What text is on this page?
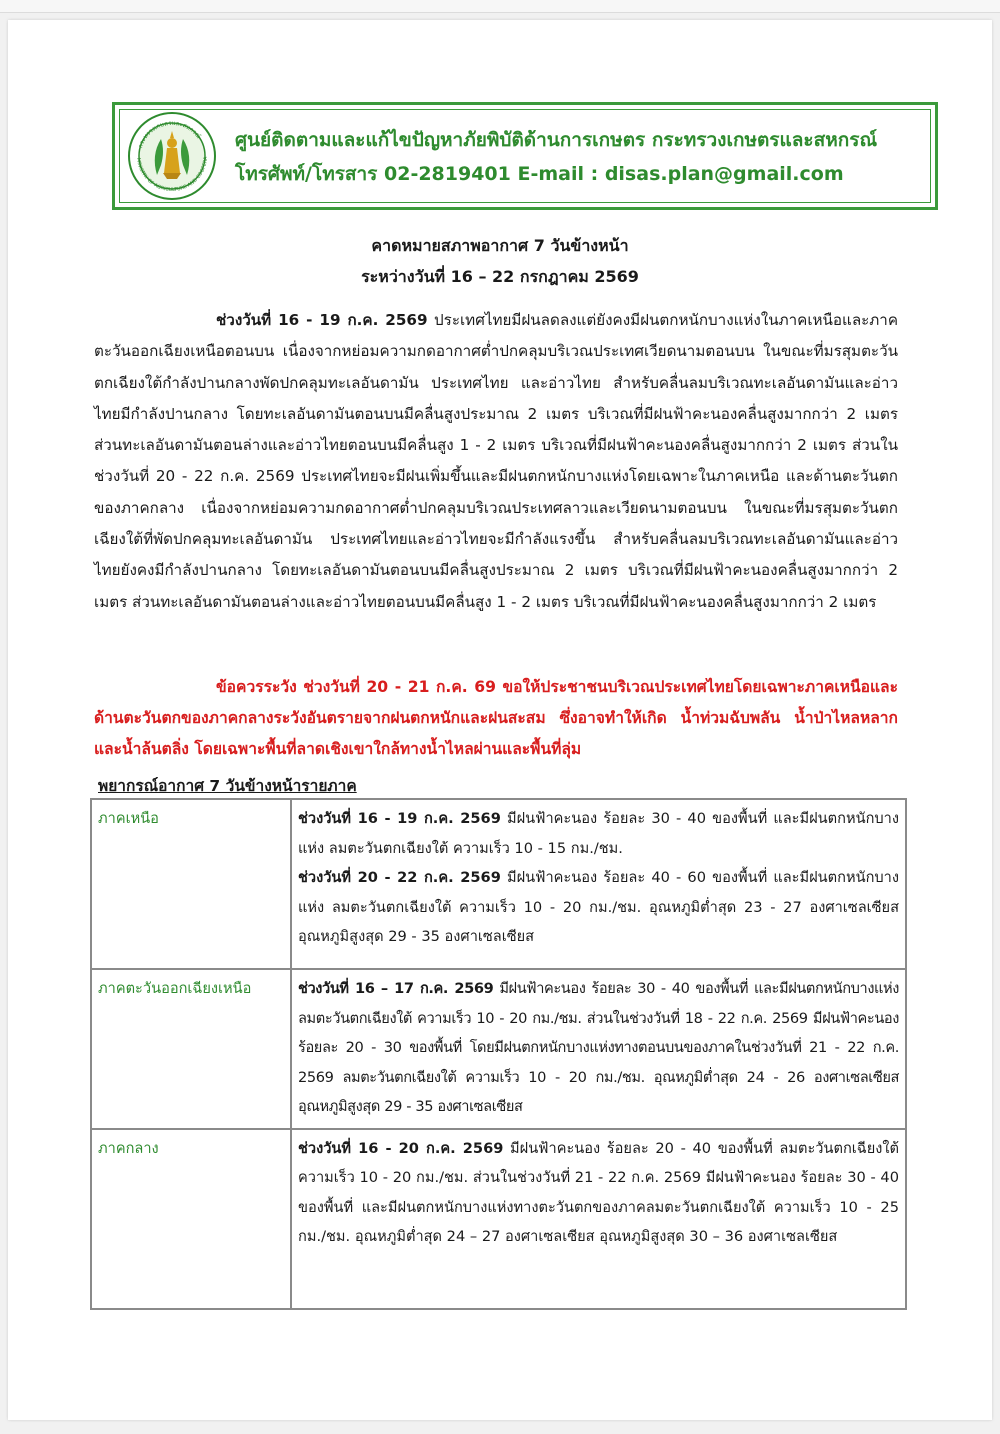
กระทรวงเกษตรและสหกรณ์
MINISTRY OF AGRICULTURE AND COOPERA
ศูนย์ติดตามและแก้ไขปัญหาภัยพิบัติด้านการเกษตร กระทรวงเกษตรและสหกรณ์
โทรศัพท์/โทรสาร 02-2819401 E-mail : disas.plan@gmail.com
คาดหมายสภาพอากาศ 7 วันข้างหน้า
ระหว่างวันที่ 16 – 22 กรกฎาคม 2569
ช่วงวันที่ 16 - 19 ก.ค. 2569 ประเทศไทยมีฝนลดลงแต่ยังคงมีฝนตกหนักบางแห่งในภาคเหนือและภาคตะวันออกเฉียงเหนือตอนบน เนื่องจากหย่อมความกดอากาศต่ำปกคลุมบริเวณประเทศเวียดนามตอนบน ในขณะที่มรสุมตะวันตกเฉียงใต้กำลังปานกลางพัดปกคลุมทะเลอันดามัน ประเทศไทย และอ่าวไทย สำหรับคลื่นลมบริเวณทะเลอันดามันและอ่าวไทยมีกำลังปานกลาง โดยทะเลอันดามันตอนบนมีคลื่นสูงประมาณ 2 เมตร บริเวณที่มีฝนฟ้าคะนองคลื่นสูงมากกว่า 2 เมตร ส่วนทะเลอันดามันตอนล่างและอ่าวไทยตอนบนมีคลื่นสูง 1 - 2 เมตร บริเวณที่มีฝนฟ้าคะนองคลื่นสูงมากกว่า 2 เมตร ส่วนในช่วงวันที่ 20 - 22 ก.ค. 2569 ประเทศไทยจะมีฝนเพิ่มขึ้นและมีฝนตกหนักบางแห่งโดยเฉพาะในภาคเหนือ และด้านตะวันตกของภาคกลาง เนื่องจากหย่อมความกดอากาศต่ำปกคลุมบริเวณประเทศลาวและเวียดนามตอนบน ในขณะที่มรสุมตะวันตกเฉียงใต้ที่พัดปกคลุมทะเลอันดามัน ประเทศไทยและอ่าวไทยจะมีกำลังแรงขึ้น สำหรับคลื่นลมบริเวณทะเลอันดามันและอ่าวไทยยังคงมีกำลังปานกลาง โดยทะเลอันดามันตอนบนมีคลื่นสูงประมาณ 2 เมตร บริเวณที่มีฝนฟ้าคะนองคลื่นสูงมากกว่า 2 เมตร ส่วนทะเลอันดามันตอนล่างและอ่าวไทยตอนบนมีคลื่นสูง 1 - 2 เมตร บริเวณที่มีฝนฟ้าคะนองคลื่นสูงมากกว่า 2 เมตร
ข้อควรระวัง ช่วงวันที่ 20 - 21 ก.ค. 69 ขอให้ประชาชนบริเวณประเทศไทยโดยเฉพาะภาคเหนือและด้านตะวันตกของภาคกลางระวังอันตรายจากฝนตกหนักและฝนสะสม ซึ่งอาจทำให้เกิด น้ำท่วมฉับพลัน น้ำป่าไหลหลาก และน้ำล้นตลิ่ง โดยเฉพาะพื้นที่ลาดเชิงเขาใกล้ทางน้ำไหลผ่านและพื้นที่ลุ่ม
พยากรณ์อากาศ 7 วันข้างหน้ารายภาค
ภาคเหนือ	ช่วงวันที่ 16 - 19 ก.ค. 2569 มีฝนฟ้าคะนอง ร้อยละ 30 - 40 ของพื้นที่ และมีฝนตกหนักบางแห่ง ลมตะวันตกเฉียงใต้ ความเร็ว 10 - 15 กม./ชม.
ช่วงวันที่ 20 - 22 ก.ค. 2569 มีฝนฟ้าคะนอง ร้อยละ 40 - 60 ของพื้นที่ และมีฝนตกหนักบางแห่ง ลมตะวันตกเฉียงใต้ ความเร็ว 10 - 20 กม./ชม. อุณหภูมิต่ำสุด 23 - 27 องศาเซลเซียส อุณหภูมิสูงสุด 29 - 35 องศาเซลเซียส

ภาคตะวันออกเฉียงเหนือ	ช่วงวันที่ 16 – 17 ก.ค. 2569 มีฝนฟ้าคะนอง ร้อยละ 30 - 40 ของพื้นที่ และมีฝนตกหนักบางแห่ง ลมตะวันตกเฉียงใต้ ความเร็ว 10 - 20 กม./ชม. ส่วนในช่วงวันที่ 18 - 22 ก.ค. 2569 มีฝนฟ้าคะนอง ร้อยละ 20 - 30 ของพื้นที่ โดยมีฝนตกหนักบางแห่งทางตอนบนของภาคในช่วงวันที่ 21 - 22 ก.ค. 2569 ลมตะวันตกเฉียงใต้ ความเร็ว 10 - 20 กม./ชม. อุณหภูมิต่ำสุด 24 - 26 องศาเซลเซียส อุณหภูมิสูงสุด 29 - 35 องศาเซลเซียส

ภาคกลาง	ช่วงวันที่ 16 - 20 ก.ค. 2569 มีฝนฟ้าคะนอง ร้อยละ 20 - 40 ของพื้นที่ ลมตะวันตกเฉียงใต้ ความเร็ว 10 - 20 กม./ชม. ส่วนในช่วงวันที่ 21 - 22 ก.ค. 2569 มีฝนฟ้าคะนอง ร้อยละ 30 - 40 ของพื้นที่ และมีฝนตกหนักบางแห่งทางตะวันตกของภาคลมตะวันตกเฉียงใต้ ความเร็ว 10 - 25 กม./ชม. อุณหภูมิต่ำสุด 24 – 27 องศาเซลเซียส อุณหภูมิสูงสุด 30 – 36 องศาเซลเซียส
